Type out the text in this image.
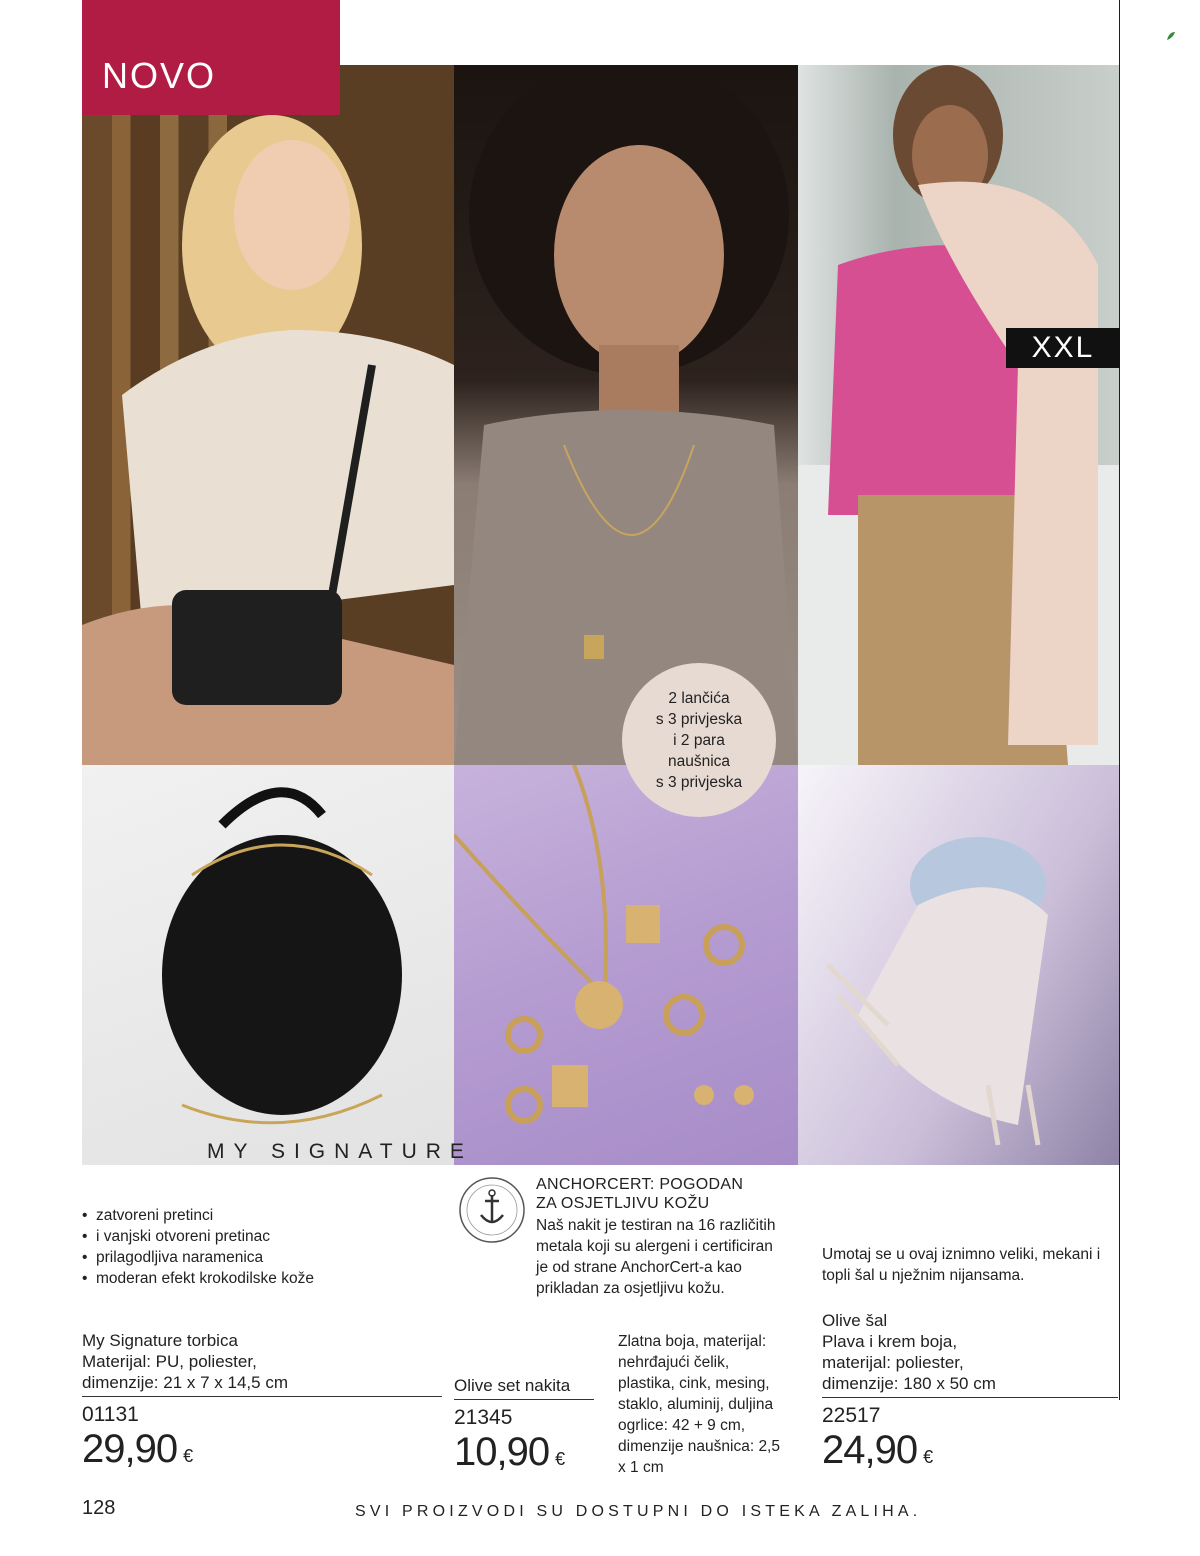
NOVO
XXL
2 lančića
s 3 privjeska
i 2 para
naušnica
s 3 privjeska
MY SIGNATURE
• zatvoreni pretinci
• i vanjski otvoreni pretinac
• prilagodljiva naramenica
• moderan efekt krokodilske kože
My Signature torbica
Materijal: PU, poliester,
dimenzije: 21 x 7 x 14,5 cm
01131
29,90 €
ANCHORCERT: POGODAN ZA OSJETLJIVU KOŽU
Naš nakit je testiran na 16 različitih metala koji su alergeni i certificiran je od strane AnchorCert-a kao prikladan za osjetljivu kožu.
Olive set nakita
21345
10,90 €
Zlatna boja, materijal: nehrđajući čelik, plastika, cink, mesing, staklo, aluminij, duljina ogrlice: 42 + 9 cm, dimenzije naušnica: 2,5 x 1 cm
Umotaj se u ovaj iznimno veliki, mekani i topli šal u nježnim nijansama.
Olive šal
Plava i krem boja,
materijal: poliester,
dimenzije: 180 x 50 cm
22517
24,90 €
128	SVI PROIZVODI SU DOSTUPNI DO ISTEKA ZALIHA.
